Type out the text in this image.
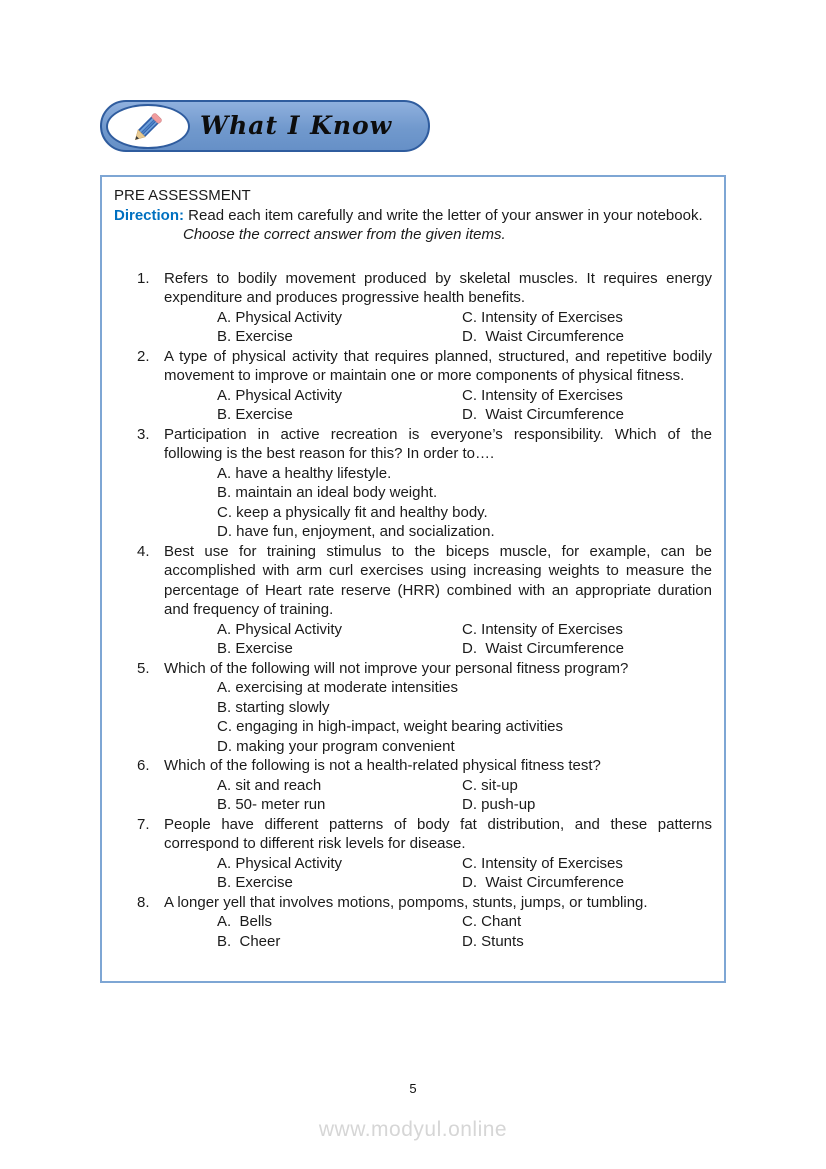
What I Know

PRE ASSESSMENT

Direction: Read each item carefully and write the letter of your answer in your notebook. Choose the correct answer from the given items.

1. Refers to bodily movement produced by skeletal muscles. It requires energy expenditure and produces progressive health benefits.

A. Physical Activity	C. Intensity of Exercises
B. Exercise	D.  Waist Circumference
2. A type of physical activity that requires planned, structured, and repetitive bodily movement to improve or maintain one or more components of physical fitness.

A. Physical Activity	C. Intensity of Exercises
B. Exercise	D.  Waist Circumference
3. Participation in active recreation is everyone’s responsibility. Which of the following is the best reason for this? In order to….

A. have a healthy lifestyle.
B. maintain an ideal body weight.
C. keep a physically fit and healthy body.
D. have fun, enjoyment, and socialization.
4. Best use for training stimulus to the biceps muscle, for example, can be accomplished with arm curl exercises using increasing weights to measure the percentage of Heart rate reserve (HRR) combined with an appropriate duration and frequency of training.

A. Physical Activity	C. Intensity of Exercises
B. Exercise	D.  Waist Circumference
5. Which of the following will not improve your personal fitness program?

A. exercising at moderate intensities
B. starting slowly
C. engaging in high-impact, weight bearing activities
D. making your program convenient
6. Which of the following is not a health-related physical fitness test?

A. sit and reach	C. sit-up
B. 50- meter run	D. push-up
7. People have different patterns of body fat distribution, and these patterns correspond to different risk levels for disease.

A. Physical Activity	C. Intensity of Exercises
B. Exercise	D.  Waist Circumference
8. A longer yell that involves motions, pompoms, stunts, jumps, or tumbling.

A.  Bells	C. Chant
B.  Cheer	D. Stunts
5
www.modyul.online
